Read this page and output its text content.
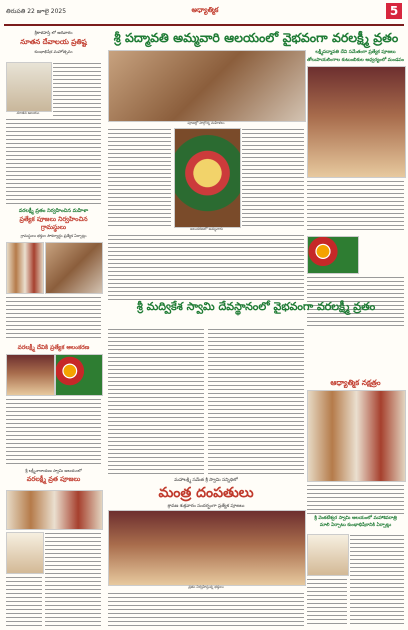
తిరుపతి 22 జూలై 2025	అధ్యాత్మిక	5
శ్రీకాళహస్తి లో ఆదివారం
నూతన దేవాలయ ప్రతిష్ట
కుంభాభిషేక మహోత్సవం
నూతన ఆలయం
వరలక్ష్మీ వ్రతం నిర్వహించిన మహిళా
ప్రత్యేక పూజలు నిర్వహించిన గ్రామస్థులు
గ్రామస్థులు భక్తుల సౌకర్యార్థం ప్రత్యేక ఏర్పాట్లు
వరలక్ష్మీ దేవికి ప్రత్యేక అలంకరణ
శ్రీ లక్ష్మీనారాయణ స్వామి ఆలయంలో
వరలక్ష్మీ వ్రత పూజలు
శ్రీ పద్మావతి అమ్మవారి ఆలయంలో వైభవంగా వరలక్ష్మీ వ్రతం
పూజల్లో పాల్గొన్న మహిళలు
లక్ష్మీపద్మావతి దేవి సమేతంగా ప్రత్యేక పూజలు
తోలుపాయలింగాల కుటుంబికుల ఆధ్వర్యంలో మండపం
అలంకరణలో అమ్మవారు
శ్రీ మద్వికేశ స్వామి దేవస్థానంలో వైభవంగా వరలక్ష్మీ వ్రతం
ఆధ్యాత్మిక నక్షత్రం
మహాలక్ష్మి సమేత శ్రీ స్వామి సన్నిధిలో
మంత్ర దంపతులు
శ్రావణ శుక్రవారం సందర్భంగా ప్రత్యేక పూజలు
వ్రతం నిర్వహిస్తున్న భక్తులు
శ్రీ వెంకటేశ్వర స్వామి ఆలయంలో మహాశివరాత్రి
మాలి ఏర్పాటు కుంభాభిషేకానికి ఏర్పాట్లు
